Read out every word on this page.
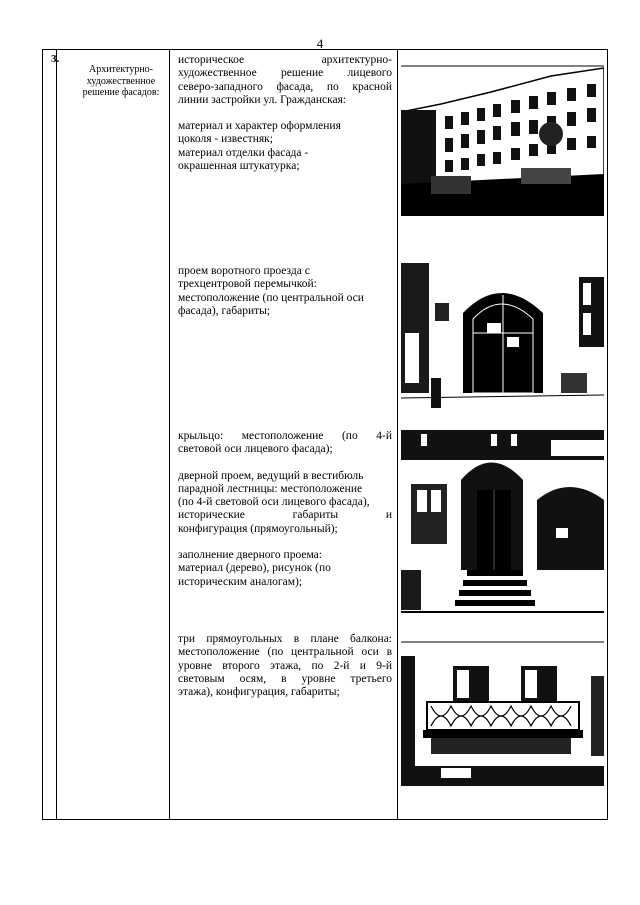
4
3.
Архитектурно-
художественное
решение фасадов:

историческое архитектурно-

художественное решение лицевого

северо-западного фасада, по красной

линии застройки ул. Гражданская:

материал и характер оформления

цоколя - известняк;

материал отделки фасада -

окрашенная штукатурка;

проем воротного проезда с

трехцентровой перемычкой:

местоположение (по центральной оси

фасада), габариты;

крыльцо: местоположение (по 4-й

световой оси лицевого фасада);

дверной проем, ведущий в вестибюль

парадной лестницы: местоположение

(по 4-й световой оси лицевого фасада),

исторические габариты и

конфигурация (прямоугольный);

заполнение дверного проема:

материал (дерево), рисунок (по

историческим аналогам);

три прямоугольных в плане балкона:

местоположение (по центральной оси в

уровне второго этажа, по 2-й и 9-й

световым осям, в уровне третьего

этажа), конфигурация, габариты;
